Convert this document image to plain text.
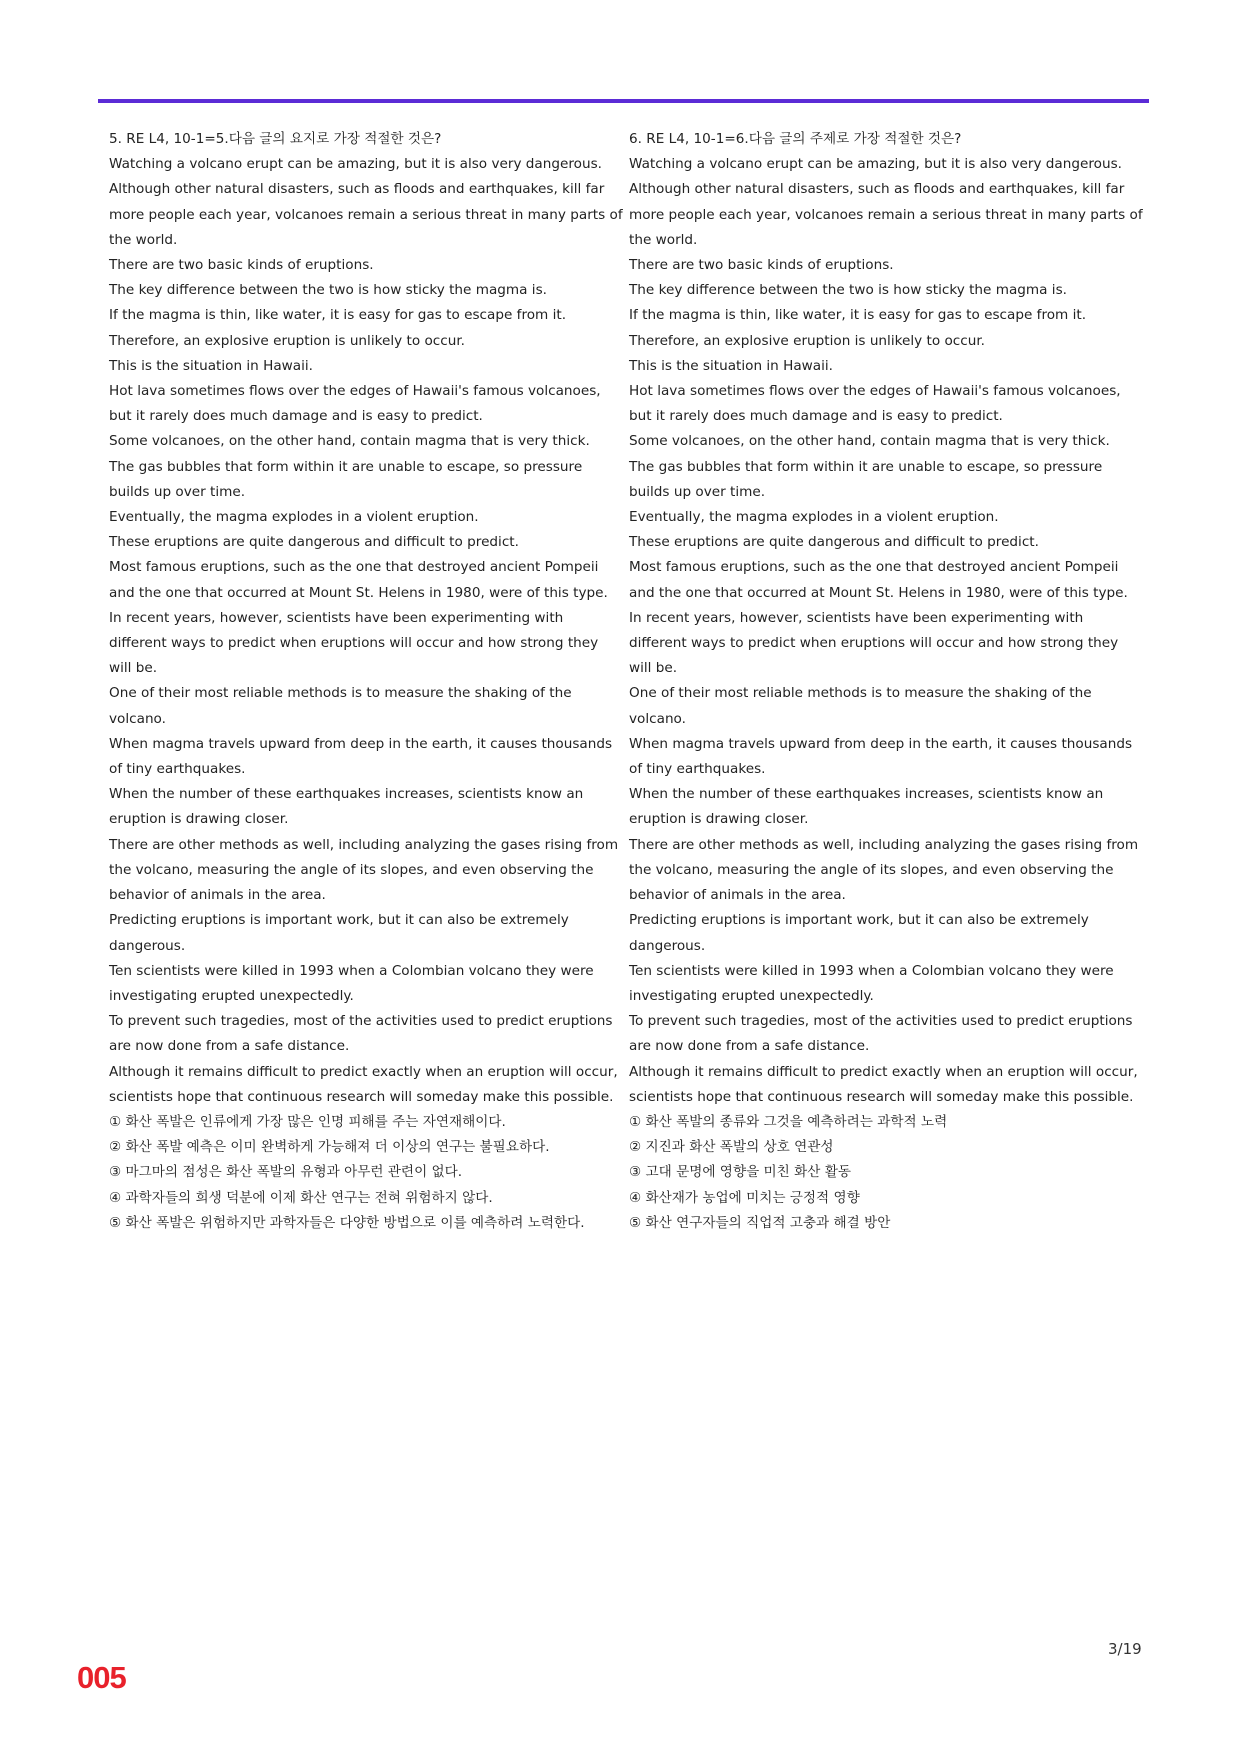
5. RE L4, 10-1=5.다음 글의 요지로 가장 적절한 것은?

Watching a volcano erupt can be amazing, but it is also very dangerous. Although other natural disasters, such as floods and earthquakes, kill far more people each year, volcanoes remain a serious threat in many parts of the world.

There are two basic kinds of eruptions.

The key difference between the two is how sticky the magma is.

If the magma is thin, like water, it is easy for gas to escape from it.

Therefore, an explosive eruption is unlikely to occur.

This is the situation in Hawaii.

Hot lava sometimes flows over the edges of Hawaii's famous volcanoes, but it rarely does much damage and is easy to predict.

Some volcanoes, on the other hand, contain magma that is very thick.

The gas bubbles that form within it are unable to escape, so pressure builds up over time.

Eventually, the magma explodes in a violent eruption.

These eruptions are quite dangerous and difficult to predict.

Most famous eruptions, such as the one that destroyed ancient Pompeii and the one that occurred at Mount St. Helens in 1980, were of this type.

In recent years, however, scientists have been experimenting with different ways to predict when eruptions will occur and how strong they will be.

One of their most reliable methods is to measure the shaking of the volcano.

When magma travels upward from deep in the earth, it causes thousands of tiny earthquakes.

When the number of these earthquakes increases, scientists know an eruption is drawing closer.

There are other methods as well, including analyzing the gases rising from the volcano, measuring the angle of its slopes, and even observing the behavior of animals in the area.

Predicting eruptions is important work, but it can also be extremely dangerous.

Ten scientists were killed in 1993 when a Colombian volcano they were investigating erupted unexpectedly.

To prevent such tragedies, most of the activities used to predict eruptions are now done from a safe distance.

Although it remains difficult to predict exactly when an eruption will occur, scientists hope that continuous research will someday make this possible.

① 화산 폭발은 인류에게 가장 많은 인명 피해를 주는 자연재해이다.

② 화산 폭발 예측은 이미 완벽하게 가능해져 더 이상의 연구는 불필요하다.

③ 마그마의 점성은 화산 폭발의 유형과 아무런 관련이 없다.

④ 과학자들의 희생 덕분에 이제 화산 연구는 전혀 위험하지 않다.

⑤ 화산 폭발은 위험하지만 과학자들은 다양한 방법으로 이를 예측하려 노력한다.

6. RE L4, 10-1=6.다음 글의 주제로 가장 적절한 것은?

Watching a volcano erupt can be amazing, but it is also very dangerous. Although other natural disasters, such as floods and earthquakes, kill far more people each year, volcanoes remain a serious threat in many parts of the world.

There are two basic kinds of eruptions.

The key difference between the two is how sticky the magma is.

If the magma is thin, like water, it is easy for gas to escape from it.

Therefore, an explosive eruption is unlikely to occur.

This is the situation in Hawaii.

Hot lava sometimes flows over the edges of Hawaii's famous volcanoes, but it rarely does much damage and is easy to predict.

Some volcanoes, on the other hand, contain magma that is very thick.

The gas bubbles that form within it are unable to escape, so pressure builds up over time.

Eventually, the magma explodes in a violent eruption.

These eruptions are quite dangerous and difficult to predict.

Most famous eruptions, such as the one that destroyed ancient Pompeii and the one that occurred at Mount St. Helens in 1980, were of this type.

In recent years, however, scientists have been experimenting with different ways to predict when eruptions will occur and how strong they will be.

One of their most reliable methods is to measure the shaking of the volcano.

When magma travels upward from deep in the earth, it causes thousands of tiny earthquakes.

When the number of these earthquakes increases, scientists know an eruption is drawing closer.

There are other methods as well, including analyzing the gases rising from the volcano, measuring the angle of its slopes, and even observing the behavior of animals in the area.

Predicting eruptions is important work, but it can also be extremely dangerous.

Ten scientists were killed in 1993 when a Colombian volcano they were investigating erupted unexpectedly.

To prevent such tragedies, most of the activities used to predict eruptions are now done from a safe distance.

Although it remains difficult to predict exactly when an eruption will occur, scientists hope that continuous research will someday make this possible.

① 화산 폭발의 종류와 그것을 예측하려는 과학적 노력

② 지진과 화산 폭발의 상호 연관성

③ 고대 문명에 영향을 미친 화산 활동

④ 화산재가 농업에 미치는 긍정적 영향

⑤ 화산 연구자들의 직업적 고충과 해결 방안

3/19
005
